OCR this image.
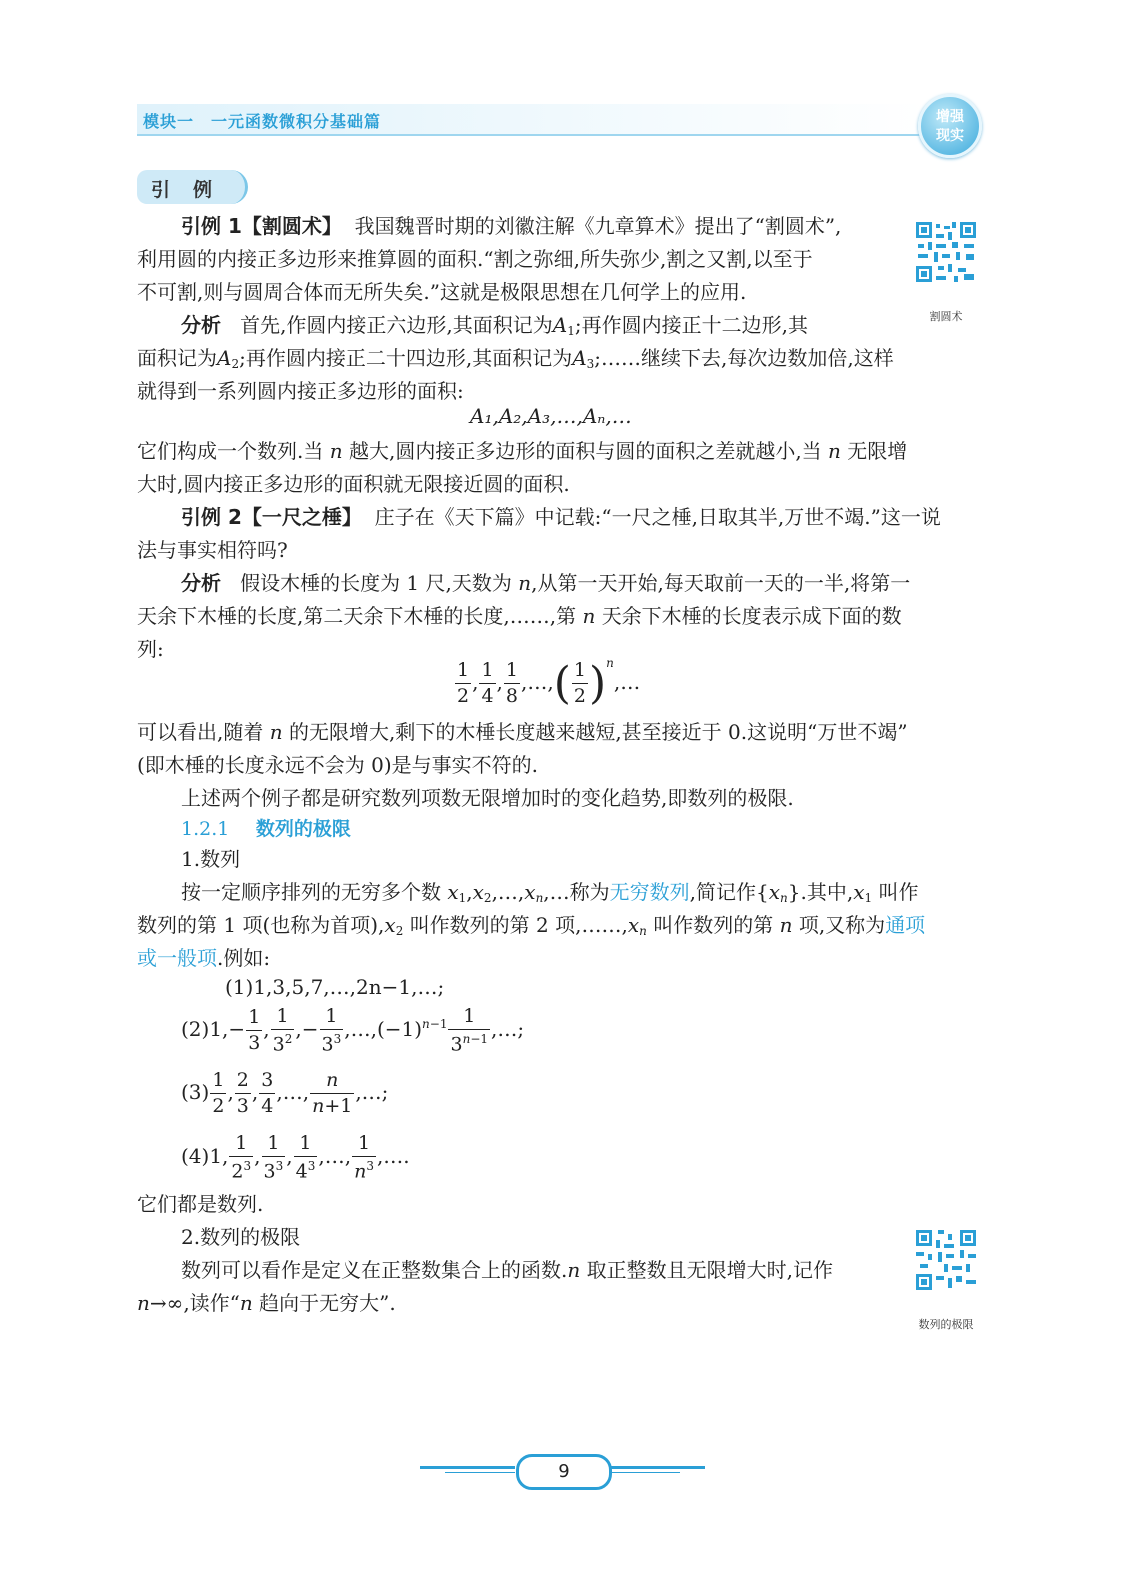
模块一　一元函数微积分基础篇	增强
现实
引　例
割圆术
引例 1【割圆术】 我国魏晋时期的刘徽注解《九章算术》提出了“割圆术”,
利用圆的内接正多边形来推算圆的面积.“割之弥细,所失弥少,割之又割,以至于
不可割,则与圆周合体而无所失矣.”这就是极限思想在几何学上的应用.
分析 首先,作圆内接正六边形,其面积记为$A_1$;再作圆内接正十二边形,其
面积记为$A_2$;再作圆内接正二十四边形,其面积记为$A_3;\dots\dots$继续下去,每次边数加倍,这样
就得到一系列圆内接正多边形的面积:
A₁,A₂,A₃,…,Aₙ,…
它们构成一个数列.当 n 越大,圆内接正多边形的面积与圆的面积之差就越小,当 n 无限增
大时,圆内接正多边形的面积就无限接近圆的面积.
引例 2【一尺之棰】 庄子在《天下篇》中记载:“一尺之棰,日取其半,万世不竭.”这一说
法与事实相符吗?
分析 假设木棰的长度为 1 尺,天数为 n,从第一天开始,每天取前一天的一半,将第一
天余下木棰的长度,第二天余下木棰的长度,……,第 n 天余下木棰的长度表示成下面的数
列:
$\frac{1}{2}$ , $\frac{1}{4}$ , $\frac{1}{8}$ ,…,( $\frac{1}{2}$ )$^n$,…
可以看出,随着 n 的无限增大,剩下的木棰长度越来越短,甚至接近于 0.这说明“万世不竭”
(即木棰的长度永远不会为 0)是与事实不符的.
上述两个例子都是研究数列项数无限增加时的变化趋势,即数列的极限.
1.2.1 数列的极限
1.数列
按一定顺序排列的无穷多个数 $x_1,x_2,\dots,x_n,\dots$称为无穷数列,简记作$\{x_n\}$.其中$,x_1$ 叫作
数列的第 1 项(也称为首项)$,x_2$ 叫作数列的第 2 项$,\dots\dots,x_n$ 叫作数列的第 n 项,又称为通项
或一般项.例如:
(1)1,3,5,7,…,2n−1,…;
$(2)1,- \frac{1}{3}$ , $\frac{1}{3^2}$ ,− $\frac{1}{3^3}$ $,\dots,(-1)^{n-1} \frac{1}{3^{n-1}}$ ,…;
$(3) \frac{1}{2}$ , $\frac{2}{3}$ , $\frac{3}{4}$ ,…, $\frac{n}{n+1}$ ,…;
(4)1, $\frac{1}{2^3}$ , $\frac{1}{3^3}$ , $\frac{1}{4^3}$ ,…, $\frac{1}{n^3}$ ,….
它们都是数列.
2.数列的极限
数列可以看作是定义在正整数集合上的函数.n 取正整数且无限增大时,记作
n→∞,读作“n 趋向于无穷大”.
数列的极限
9
